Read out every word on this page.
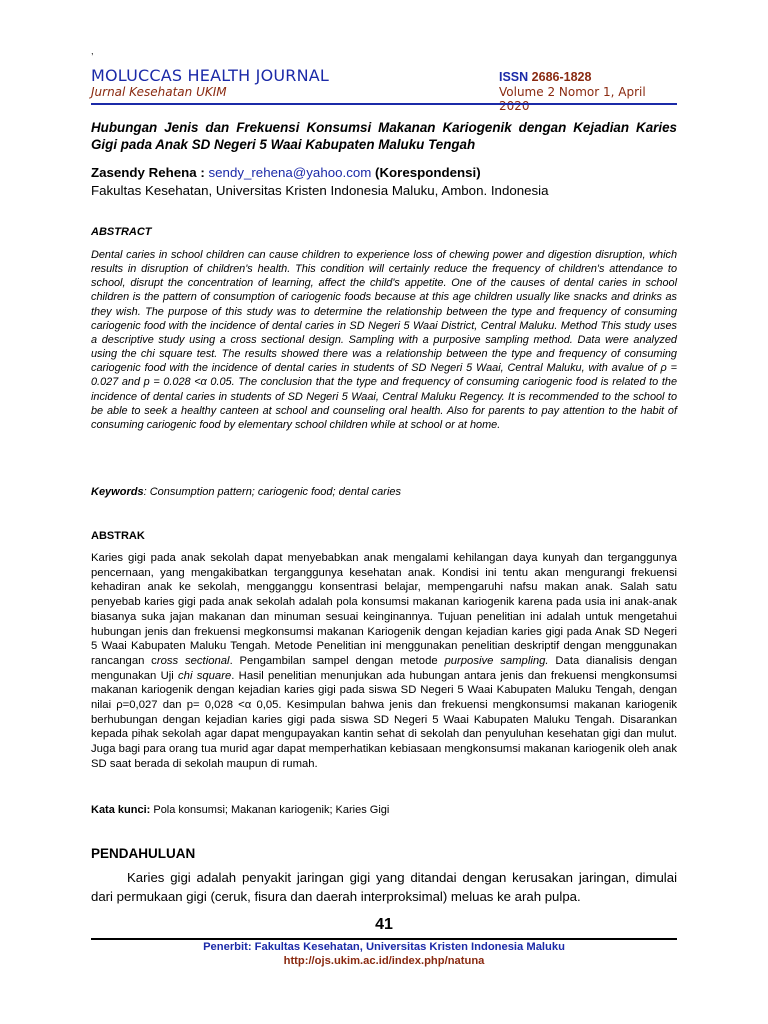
,
MOLUCCAS HEALTH JOURNAL	ISSN 2686-1828
Jurnal Kesehatan UKIM	Volume 2 Nomor 1, April 2020
Hubungan Jenis dan Frekuensi Konsumsi Makanan Kariogenik dengan Kejadian Karies Gigi pada Anak SD Negeri 5 Waai Kabupaten Maluku Tengah
Zasendy Rehena : sendy_rehena@yahoo.com (Korespondensi)
Fakultas Kesehatan, Universitas Kristen Indonesia Maluku, Ambon. Indonesia
ABSTRACT
Dental caries in school children can cause children to experience loss of chewing power and digestion disruption, which results in disruption of children's health. This condition will certainly reduce the frequency of children's attendance to school, disrupt the concentration of learning, affect the child's appetite. One of the causes of dental caries in school children is the pattern of consumption of cariogenic foods because at this age children usually like snacks and drinks as they wish. The purpose of this study was to determine the relationship between the type and frequency of consuming cariogenic food with the incidence of dental caries in SD Negeri 5 Waai District, Central Maluku. Method This study uses a descriptive study using a cross sectional design. Sampling with a purposive sampling method. Data were analyzed using the chi square test. The results showed there was a relationship between the type and frequency of consuming cariogenic food with the incidence of dental caries in students of SD Negeri 5 Waai, Central Maluku, with avalue of ρ = 0.027 and p = 0.028 <α 0.05. The conclusion that the type and frequency of consuming cariogenic food is related to the incidence of dental caries in students of SD Negeri 5 Waai, Central Maluku Regency. It is recommended to the school to be able to seek a healthy canteen at school and counseling oral health. Also for parents to pay attention to the habit of consuming cariogenic food by elementary school children while at school or at home.
Keywords: Consumption pattern; cariogenic food; dental caries
ABSTRAK
Karies gigi pada anak sekolah dapat menyebabkan anak mengalami kehilangan daya kunyah dan terganggunya pencernaan, yang mengakibatkan terganggunya kesehatan anak. Kondisi ini tentu akan mengurangi frekuensi kehadiran anak ke sekolah, mengganggu konsentrasi belajar, mempengaruhi nafsu makan anak. Salah satu penyebab karies gigi pada anak sekolah adalah pola konsumsi makanan kariogenik karena pada usia ini anak-anak biasanya suka jajan makanan dan minuman sesuai keinginannya. Tujuan penelitian ini adalah untuk mengetahui hubungan jenis dan frekuensi megkonsumsi makanan Kariogenik dengan kejadian karies gigi pada Anak SD Negeri 5 Waai Kabupaten Maluku Tengah. Metode Penelitian ini menggunakan penelitian deskriptif dengan menggunakan rancangan cross sectional. Pengambilan sampel dengan metode purposive sampling. Data dianalisis dengan mengunakan Uji chi square. Hasil penelitian menunjukan ada hubungan antara jenis dan frekuensi mengkonsumsi makanan kariogenik dengan kejadian karies gigi pada siswa SD Negeri 5 Waai Kabupaten Maluku Tengah, dengan nilai ρ=0,027 dan p= 0,028 <α 0,05. Kesimpulan bahwa jenis dan frekuensi mengkonsumsi makanan kariogenik berhubungan dengan kejadian karies gigi pada siswa SD Negeri 5 Waai Kabupaten Maluku Tengah. Disarankan kepada pihak sekolah agar dapat mengupayakan kantin sehat di sekolah dan penyuluhan kesehatan gigi dan mulut. Juga bagi para orang tua murid agar dapat memperhatikan kebiasaan mengkonsumsi makanan kariogenik oleh anak SD saat berada di sekolah maupun di rumah.
Kata kunci: Pola konsumsi; Makanan kariogenik; Karies Gigi
PENDAHULUAN
Karies gigi adalah penyakit jaringan gigi yang ditandai dengan kerusakan jaringan, dimulai dari permukaan gigi (ceruk, fisura dan daerah interproksimal) meluas ke arah pulpa.
41
Penerbit: Fakultas Kesehatan, Universitas Kristen Indonesia Maluku
http://ojs.ukim.ac.id/index.php/natuna
